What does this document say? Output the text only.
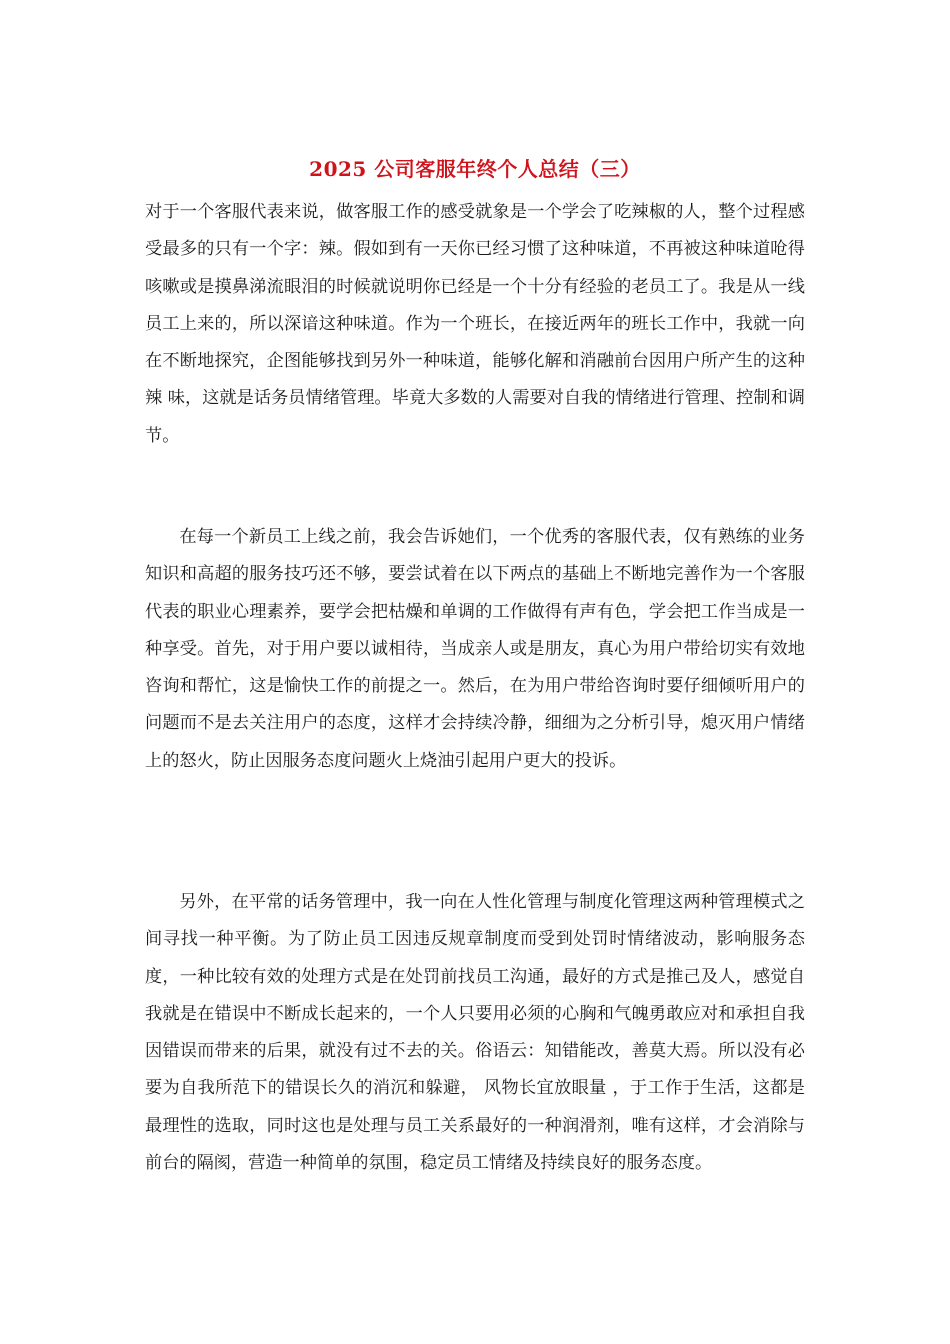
2025 公司客服年终个人总结（三）

对于一个客服代表来说，做客服工作的感受就象是一个学会了吃辣椒的人，整个过程感受最多的只有一个字：辣。假如到有一天你已经习惯了这种味道，不再被这种味道呛得咳嗽或是摸鼻涕流眼泪的时候就说明你已经是一个十分有经验的老员工了。我是从一线员工上来的，所以深谙这种味道。作为一个班长，在接近两年的班长工作中，我就一向在不断地探究，企图能够找到另外一种味道，能够化解和消融前台因用户所产生的这种 辣 味，这就是话务员情绪管理。毕竟大多数的人需要对自我的情绪进行管理、控制和调节。

在每一个新员工上线之前，我会告诉她们，一个优秀的客服代表，仅有熟练的业务知识和高超的服务技巧还不够，要尝试着在以下两点的基础上不断地完善作为一个客服代表的职业心理素养，要学会把枯燥和单调的工作做得有声有色，学会把工作当成是一种享受。首先，对于用户要以诚相待，当成亲人或是朋友，真心为用户带给切实有效地咨询和帮忙，这是愉快工作的前提之一。然后，在为用户带给咨询时要仔细倾听用户的问题而不是去关注用户的态度，这样才会持续冷静，细细为之分析引导，熄灭用户情绪上的怒火，防止因服务态度问题火上烧油引起用户更大的投诉。

另外，在平常的话务管理中，我一向在人性化管理与制度化管理这两种管理模式之间寻找一种平衡。为了防止员工因违反规章制度而受到处罚时情绪波动，影响服务态度，一种比较有效的处理方式是在处罚前找员工沟通，最好的方式是推己及人，感觉自我就是在错误中不断成长起来的，一个人只要用必须的心胸和气魄勇敢应对和承担自我因错误而带来的后果，就没有过不去的关。俗语云：知错能改，善莫大焉。所以没有必要为自我所范下的错误长久的消沉和躲避， 风物长宜放眼量 ，于工作于生活，这都是最理性的选取，同时这也是处理与员工关系最好的一种润滑剂，唯有这样，才会消除与前台的隔阂，营造一种简单的氛围，稳定员工情绪及持续良好的服务态度。
